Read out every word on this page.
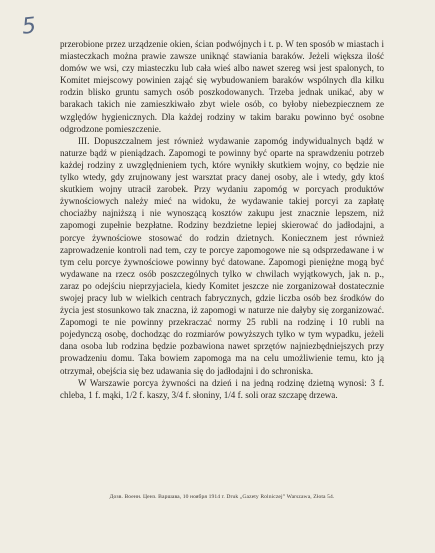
5

przerobione przez urządzenie okien, ścian podwójnych i t. p. W ten sposób w miastach i miasteczkach można prawie zawsze uniknąć stawiania baraków. Jeżeli większa ilość domów we wsi, czy miasteczku lub cała wieś albo nawet szereg wsi jest spalonych, to Komitet miejscowy powinien zająć się wybudowaniem baraków wspólnych dla kilku rodzin blisko gruntu samych osób poszkodowanych. Trzeba jednak unikać, aby w barakach takich nie zamieszkiwało zbyt wiele osób, co byłoby niebezpiecznem ze względów hygienicznych. Dla każdej rodziny w takim baraku powinno być osobne odgrodzone pomieszczenie.

III. Dopuszczalnem jest również wydawanie zapomóg indywidualnych bądź w naturze bądź w pieniądzach. Zapomogi te powinny być oparte na sprawdzeniu potrzeb każdej rodziny z uwzględnieniem tych, które wynikły skutkiem wojny, co będzie nie tylko wtedy, gdy zrujnowany jest warsztat pracy danej osoby, ale i wtedy, gdy ktoś skutkiem wojny utracił zarobek. Przy wydaniu zapomóg w porcyach produktów żywnościowych należy mieć na widoku, że wydawanie takiej porcyi za zapłatę chociażby najniższą i nie wynoszącą kosztów zakupu jest znacznie lepszem, niż zapomogi zupełnie bezpłatne. Rodziny bezdzietne lepiej skierować do jadłodajni, a porcye żywnościowe stosować do rodzin dzietnych. Koniecznem jest również zaprowadzenie kontroli nad tem, czy te porcye zapomogowe nie są odsprzedawane i w tym celu porcye żywnościowe powinny być datowane. Zapomogi pieniężne mogą być wydawane na rzecz osób poszczególnych tylko w chwilach wyjątkowych, jak n. p., zaraz po odejściu nieprzyjaciela, kiedy Komitet jeszcze nie zorganizował dostatecznie swojej pracy lub w wielkich centrach fabrycznych, gdzie liczba osób bez środków do życia jest stosunkowo tak znaczna, iż zapomogi w naturze nie dałyby się zorganizować. Zapomogi te nie powinny przekraczać normy 25 rubli na rodzinę i 10 rubli na pojedynczą osobę, dochodząc do rozmiarów powyższych tylko w tym wypadku, jeżeli dana osoba lub rodzina będzie pozbawiona nawet sprzętów najniezbędniejszych przy prowadzeniu domu. Taka bowiem zapomoga ma na celu umożliwienie temu, kto ją otrzymał, obejścia się bez udawania się do jadłodajni i do schroniska.

W Warszawie porcya żywności na dzień i na jedną rodzinę dzietną wynosi: 3 f. chleba, 1 f. mąki, 1/2 f. kaszy, 3/4 f. słoniny, 1/4 f. soli oraz szczapę drzewa.

Дозв. Военн. Ценз. Варшава, 10 ноября 1914 г. Druk „Gazety Rolniczej” Warszawa, Złota 54.
